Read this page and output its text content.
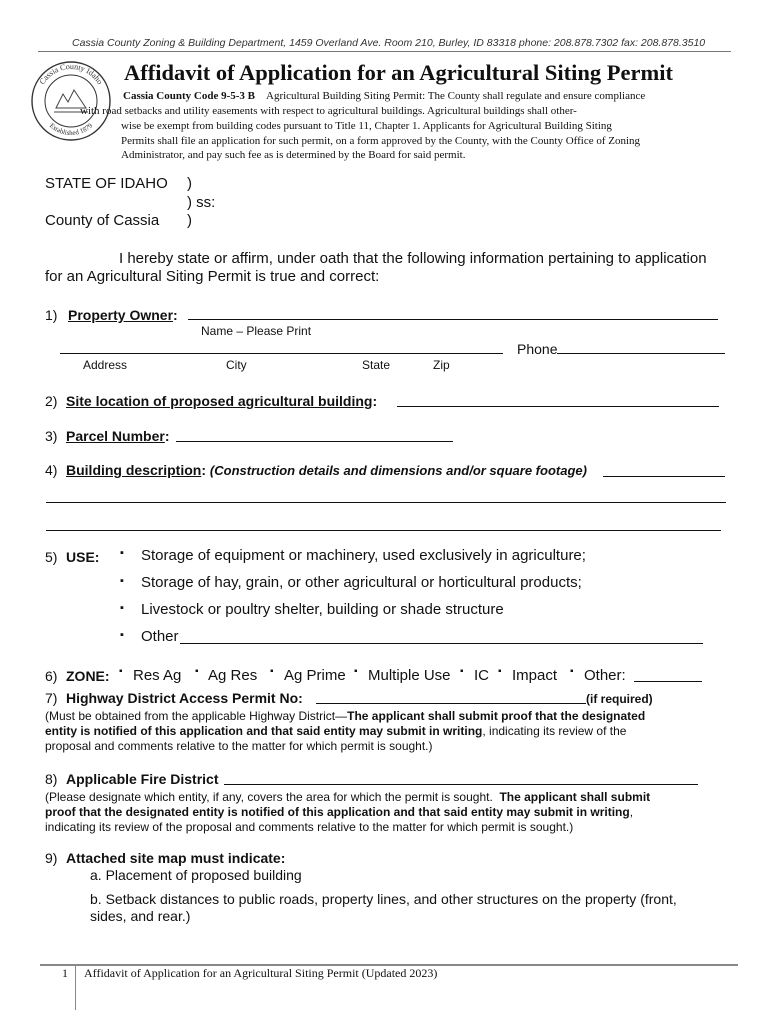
Cassia County Zoning & Building Department, 1459 Overland Ave. Room 210, Burley, ID 83318 phone: 208.878.7302 fax: 208.878.3510
Cassia County Idaho
Established 1879
Affidavit of Application for an Agricultural Siting Permit
Cassia County Code 9-5-3 B Agricultural Building Siting Permit: The County shall regulate and ensure compliance
with road setbacks and utility easements with respect to agricultural buildings. Agricultural buildings shall other-
wise be exempt from building codes pursuant to Title 11, Chapter 1. Applicants for Agricultural Building Siting
Permits shall file an application for such permit, on a form approved by the County, with the County Office of Zoning
Administrator, and pay such fee as is determined by the Board for said permit.
STATE OF IDAHO )
) ss:
County of Cassia )
I hereby state or affirm, under oath that the following information pertaining to application
for an Agricultural Siting Permit is true and correct:
1) Property Owner:
Name – Please Print
Phone
Address	City	State	Zip
2) Site location of proposed agricultural building:
3) Parcel Number:
4) Building description: (Construction details and dimensions and/or square footage)
5) USE: ▪ Storage of equipment or machinery, used exclusively in agriculture;
▪ Storage of hay, grain, or other agricultural or horticultural products;
▪ Livestock or poultry shelter, building or shade structure
▪ Other
6) ZONE: ▪ Res Ag ▪ Ag Res ▪ Ag Prime ▪ Multiple Use ▪ IC ▪ Impact ▪ Other:
7) Highway District Access Permit No:	(if required)
(Must be obtained from the applicable Highway District—The applicant shall submit proof that the designated
entity is notified of this application and that said entity may submit in writing, indicating its review of the
proposal and comments relative to the matter for which permit is sought.)
8) Applicable Fire District
(Please designate which entity, if any, covers the area for which the permit is sought. The applicant shall submit
proof that the designated entity is notified of this application and that said entity may submit in writing,
indicating its review of the proposal and comments relative to the matter for which permit is sought.)
9) Attached site map must indicate:
a. Placement of proposed building
b. Setback distances to public roads, property lines, and other structures on the property (front,
sides, and rear.)
1 Affidavit of Application for an Agricultural Siting Permit (Updated 2023)
